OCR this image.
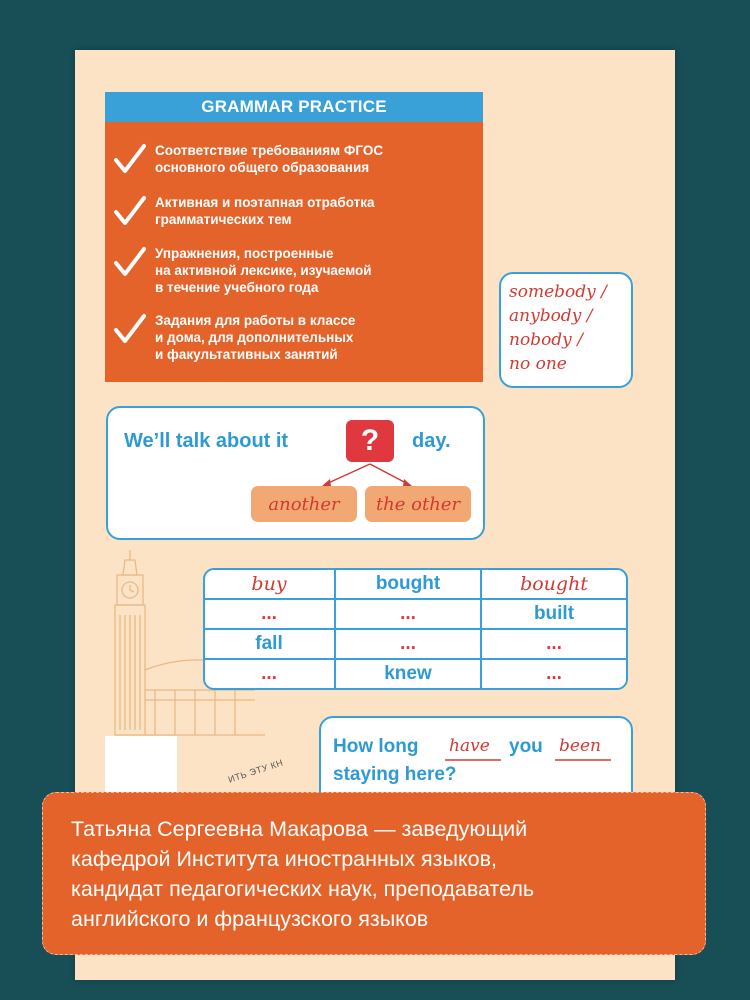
GRAMMAR PRACTICE
Соответствие требованиям ФГОС
основного общего образования
Активная и поэтапная отработка
грамматических тем
Упражнения, построенные
на активной лексике, изучаемой
в течение учебного года
Задания для работы в классе
и дома, для дополнительных
и факультативных занятий
somebody /
anybody /
nobody /
no one
We’ll talk about it	?	day.
another	the other
buy	bought	bought
...	...	built
fall	...	...
...	knew	...
ИТЬ ЭТУ КН
How long have you been
staying here?
Татьяна Сергеевна Макарова — заведующий
кафедрой Института иностранных языков,
кандидат педагогических наук, преподаватель
английского и французского языков
